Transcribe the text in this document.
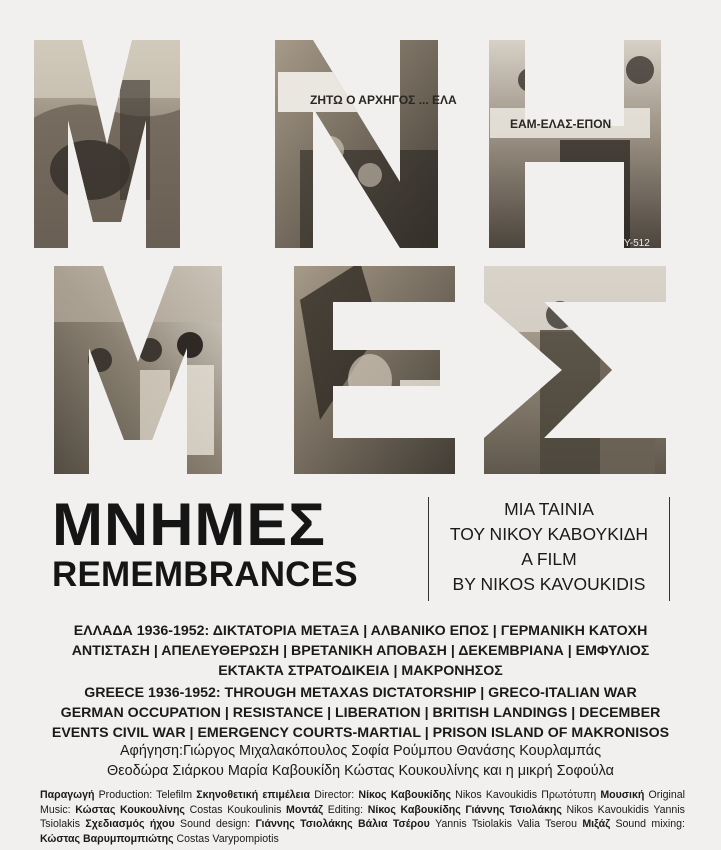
ΖΗΤΩ Ο ΑΡΧΗΓΟΣ ... ΕΛΑ
ΕΑΜ-ΕΛΑΣ-ΕΠΟΝ
Υ-512
ΜΝΗΜΕΣ
REMEMBRANCES
ΜΙΑ ΤΑΙΝΙΑ
ΤΟΥ ΝΙΚΟΥ ΚΑΒΟΥΚΙΔΗ
A FILM
BY NIKOS KAVOUKIDIS
ΕΛΛΑΔΑ 1936-1952: ΔΙΚΤΑΤΟΡΙΑ ΜΕΤΑΞΑ | ΑΛΒΑΝΙΚΟ ΕΠΟΣ | ΓΕΡΜΑΝΙΚΗ ΚΑΤΟΧΗ
ΑΝΤΙΣΤΑΣΗ | ΑΠΕΛΕΥΘΕΡΩΣΗ | ΒΡΕΤΑΝΙΚΗ ΑΠΟΒΑΣΗ | ΔΕΚΕΜΒΡΙΑΝΑ | ΕΜΦΥΛΙΟΣ
ΕΚΤΑΚΤΑ ΣΤΡΑΤΟΔΙΚΕΙΑ | ΜΑΚΡΟΝΗΣΟΣ
GREECE 1936-1952: THROUGH METAXAS DICTATORSHIP | GRECO-ITALIAN WAR
GERMAN OCCUPATION | RESISTANCE | LIBERATION | BRITISH LANDINGS | DECEMBER
EVENTS CIVIL WAR | EMERGENCY COURTS-MARTIAL | PRISON ISLAND OF MAKRONISOS
Αφήγηση:Γιώργος Μιχαλακόπουλος Σοφία Ρούμπου Θανάσης Κουρλαμπάς
Θεοδώρα Σιάρκου Μαρία Καβουκίδη Κώστας Κουκουλίνης και η μικρή Σοφούλα
Παραγωγή Production: Telefilm Σκηνοθετική επιμέλεια Director: Νίκος Καβουκίδης Nikos Kavoukidis Πρωτότυπη Μουσική Original Music: Κώστας Κουκουλίνης Costas Koukoulinis Μοντάζ Editing: Νίκος Καβουκίδης Γιάννης Τσιολάκης Nikos Kavoukidis Yannis Tsiolakis Σχεδιασμός ήχου Sound design: Γιάννης Τσιολάκης Βάλια Τσέρου Yannis Tsiolakis Valia Tserou Μιξάζ Sound mixing: Κώστας Βαρυμπομπιώτης Costas Varypompiotis
